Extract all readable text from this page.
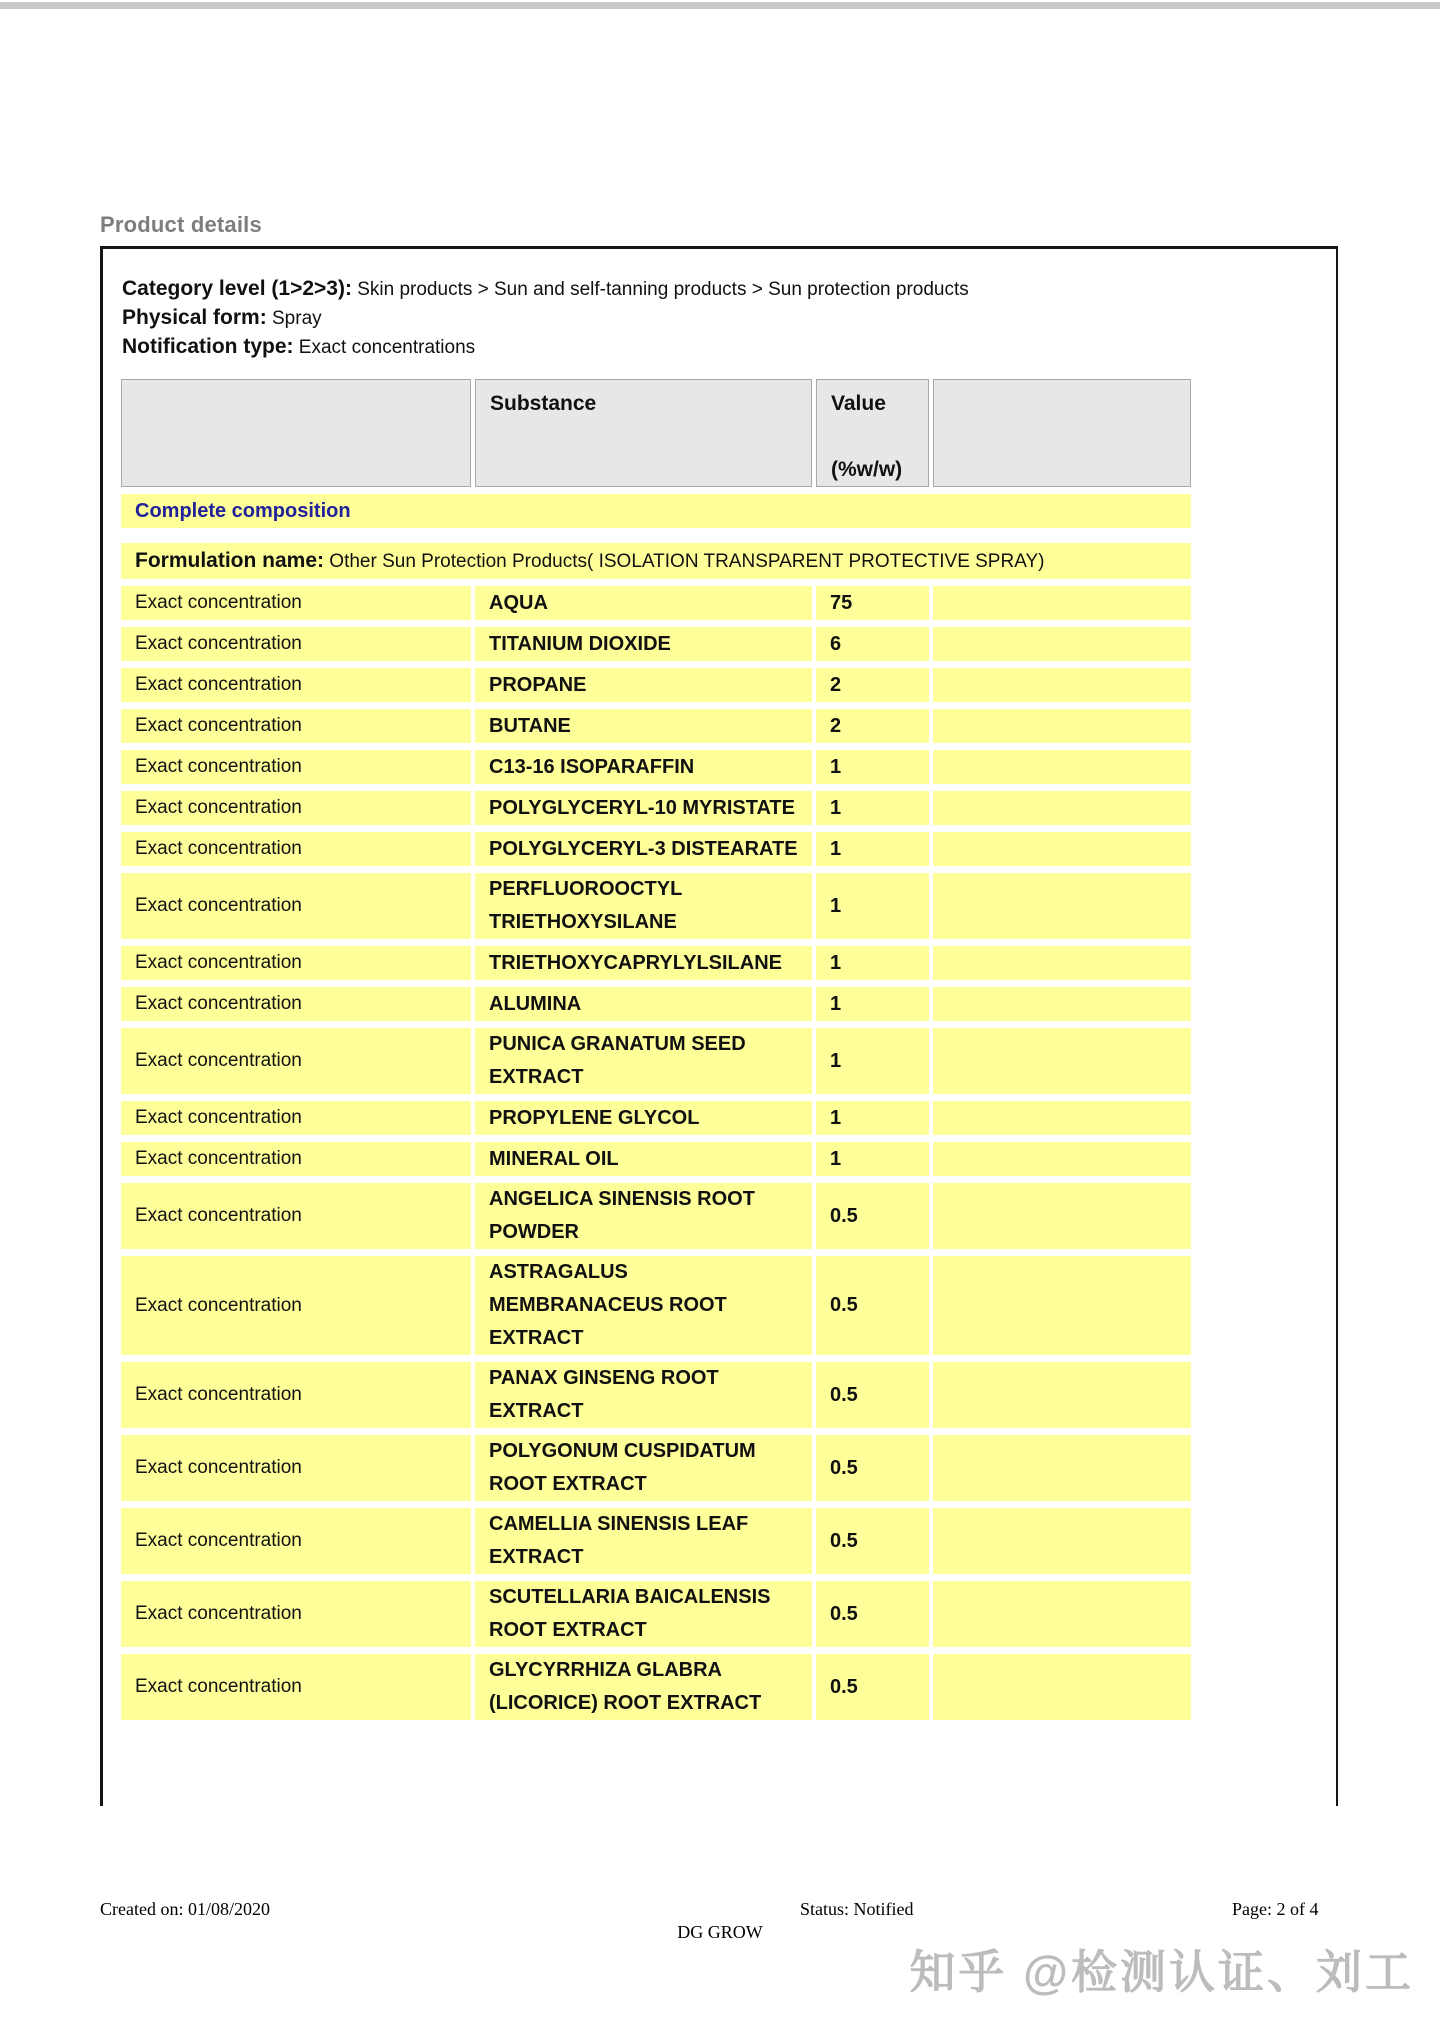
Product details
Category level (1>2>3): Skin products > Sun and self-tanning products > Sun protection products
Physical form: Spray
Notification type: Exact concentrations

	Substance	Value
(%w/w)	

Complete composition			

Formulation name: Other Sun Protection Products( ISOLATION TRANSPARENT PROTECTIVE SPRAY)			
Exact concentration	AQUA	75	
Exact concentration	TITANIUM DIOXIDE	6	
Exact concentration	PROPANE	2	
Exact concentration	BUTANE	2	
Exact concentration	C13-16 ISOPARAFFIN	1	
Exact concentration	POLYGLYCERYL-10 MYRISTATE	1	
Exact concentration	POLYGLYCERYL-3 DISTEARATE	1	
Exact concentration	PERFLUOROOCTYL TRIETHOXYSILANE	1	
Exact concentration	TRIETHOXYCAPRYLYLSILANE	1	
Exact concentration	ALUMINA	1	
Exact concentration	PUNICA GRANATUM SEED EXTRACT	1	
Exact concentration	PROPYLENE GLYCOL	1	
Exact concentration	MINERAL OIL	1	
Exact concentration	ANGELICA SINENSIS ROOT POWDER	0.5	
Exact concentration	ASTRAGALUS MEMBRANACEUS ROOT EXTRACT	0.5	
Exact concentration	PANAX GINSENG ROOT EXTRACT	0.5	
Exact concentration	POLYGONUM CUSPIDATUM ROOT EXTRACT	0.5	
Exact concentration	CAMELLIA SINENSIS LEAF EXTRACT	0.5	
Exact concentration	SCUTELLARIA BAICALENSIS ROOT EXTRACT	0.5	
Exact concentration	GLYCYRRHIZA GLABRA (LICORICE) ROOT EXTRACT	0.5	
Created on: 01/08/2020	Status: Notified	Page: 2 of 4
DG GROW
知乎 @检测认证、刘工
